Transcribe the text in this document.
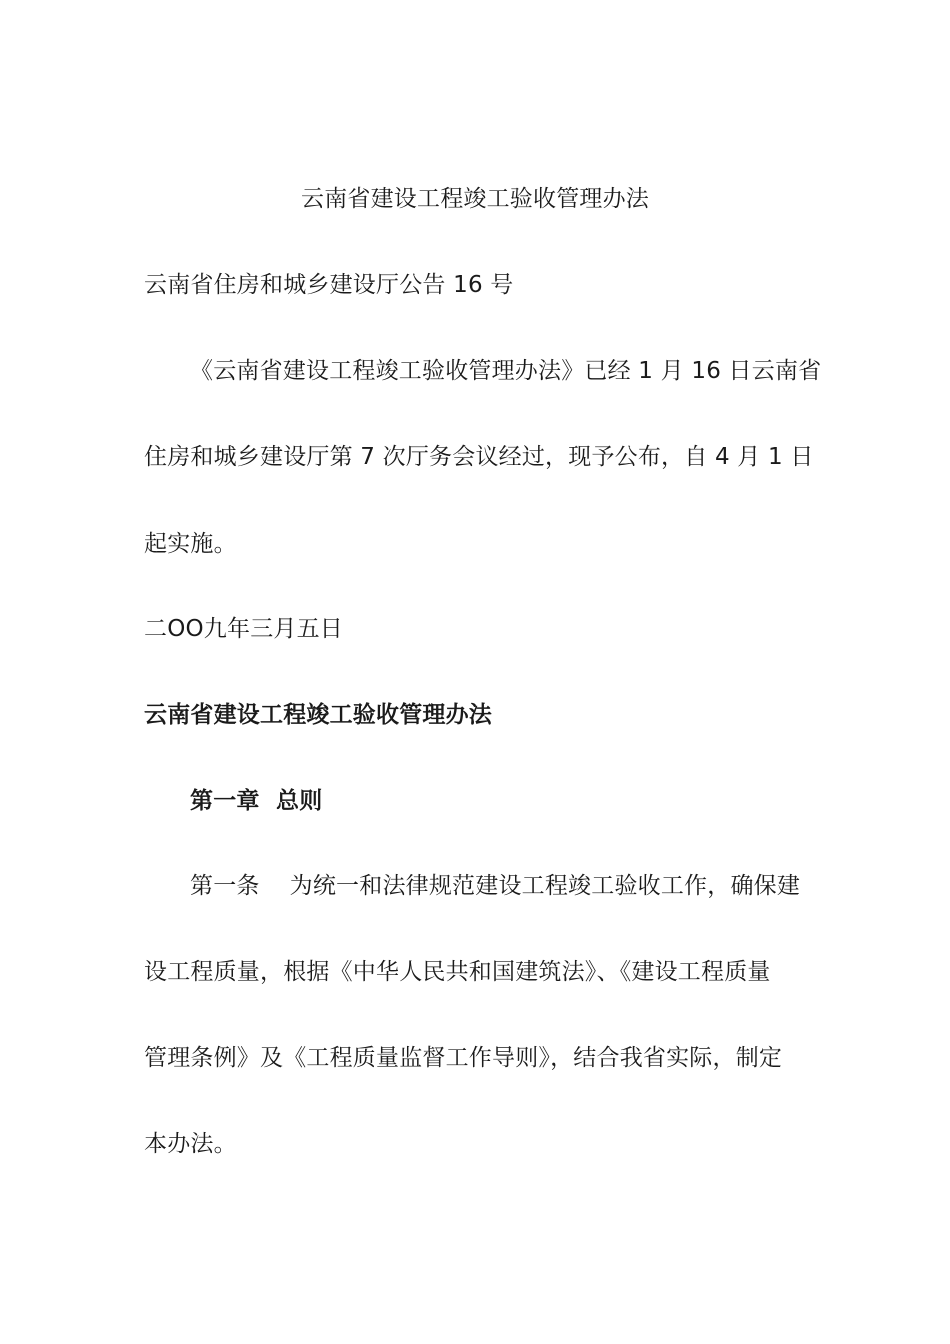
云南省建设工程竣工验收管理办法
云南省住房和城乡建设厅公告 16 号
《云南省建设工程竣工验收管理办法》已经 1 月 16 日云南省
住房和城乡建设厅第 7 次厅务会议经过，现予公布，自 4 月 1 日
起实施。
二OO九年三月五日
云南省建设工程竣工验收管理办法
第一章  总则
第一条    为统一和法律规范建设工程竣工验收工作，确保建
设工程质量，根据《中华人民共和国建筑法》、《建设工程质量
管理条例》及《工程质量监督工作导则》，结合我省实际，制定
本办法。
